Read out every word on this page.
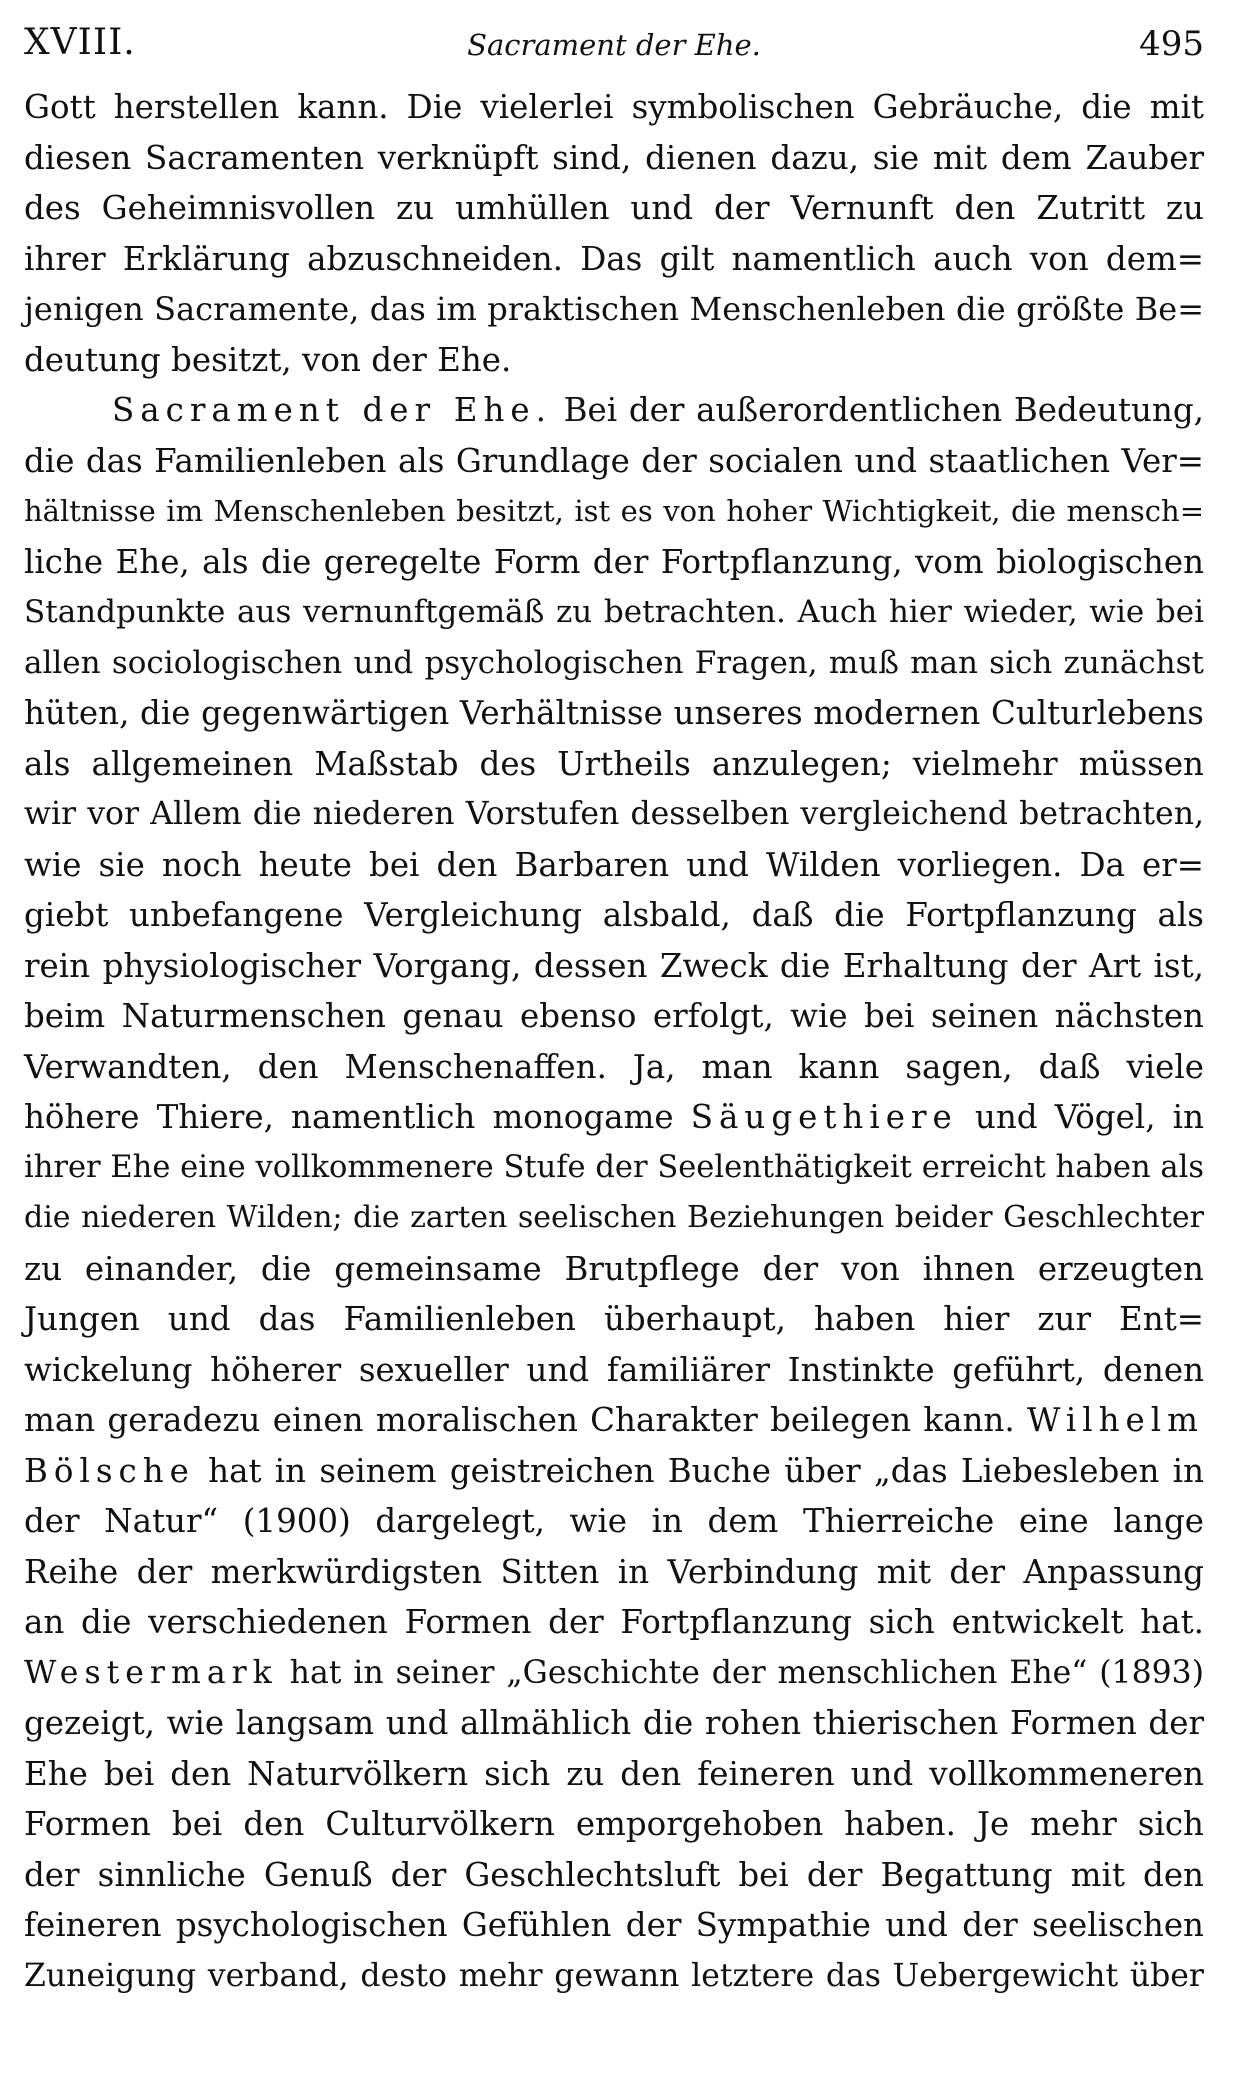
XVIII.	Sacrament der Ehe.	495
Gott herstellen kann. Die vielerlei symbolischen Gebräuche, die mit
diesen Sacramenten verknüpft sind, dienen dazu, sie mit dem Zauber
des Geheimnisvollen zu umhüllen und der Vernunft den Zutritt zu
ihrer Erklärung abzuschneiden. Das gilt namentlich auch von dem=
jenigen Sacramente, das im praktischen Menschenleben die größte Be=
deutung besitzt, von der Ehe.
Sacrament der Ehe. Bei der außerordentlichen Bedeutung,
die das Familienleben als Grundlage der socialen und staatlichen Ver=
hältnisse im Menschenleben besitzt, ist es von hoher Wichtigkeit, die mensch=
liche Ehe, als die geregelte Form der Fortpflanzung, vom biologischen
Standpunkte aus vernunftgemäß zu betrachten. Auch hier wieder, wie bei
allen sociologischen und psychologischen Fragen, muß man sich zunächst
hüten, die gegenwärtigen Verhältnisse unseres modernen Culturlebens
als allgemeinen Maßstab des Urtheils anzulegen; vielmehr müssen
wir vor Allem die niederen Vorstufen desselben vergleichend betrachten,
wie sie noch heute bei den Barbaren und Wilden vorliegen. Da er=
giebt unbefangene Vergleichung alsbald, daß die Fortpflanzung als
rein physiologischer Vorgang, dessen Zweck die Erhaltung der Art ist,
beim Naturmenschen genau ebenso erfolgt, wie bei seinen nächsten
Verwandten, den Menschenaffen. Ja, man kann sagen, daß viele
höhere Thiere, namentlich monogame Säugethiere und Vögel, in
ihrer Ehe eine vollkommenere Stufe der Seelenthätigkeit erreicht haben als
die niederen Wilden; die zarten seelischen Beziehungen beider Geschlechter
zu einander, die gemeinsame Brutpflege der von ihnen erzeugten
Jungen und das Familienleben überhaupt, haben hier zur Ent=
wickelung höherer sexueller und familiärer Instinkte geführt, denen
man geradezu einen moralischen Charakter beilegen kann. Wilhelm
Bölsche hat in seinem geistreichen Buche über „das Liebesleben in
der Natur“ (1900) dargelegt, wie in dem Thierreiche eine lange
Reihe der merkwürdigsten Sitten in Verbindung mit der Anpassung
an die verschiedenen Formen der Fortpflanzung sich entwickelt hat.
Westermark hat in seiner „Geschichte der menschlichen Ehe“ (1893)
gezeigt, wie langsam und allmählich die rohen thierischen Formen der
Ehe bei den Naturvölkern sich zu den feineren und vollkommeneren
Formen bei den Culturvölkern emporgehoben haben. Je mehr sich
der sinnliche Genuß der Geschlechtsluft bei der Begattung mit den
feineren psychologischen Gefühlen der Sympathie und der seelischen
Zuneigung verband, desto mehr gewann letztere das Uebergewicht über
